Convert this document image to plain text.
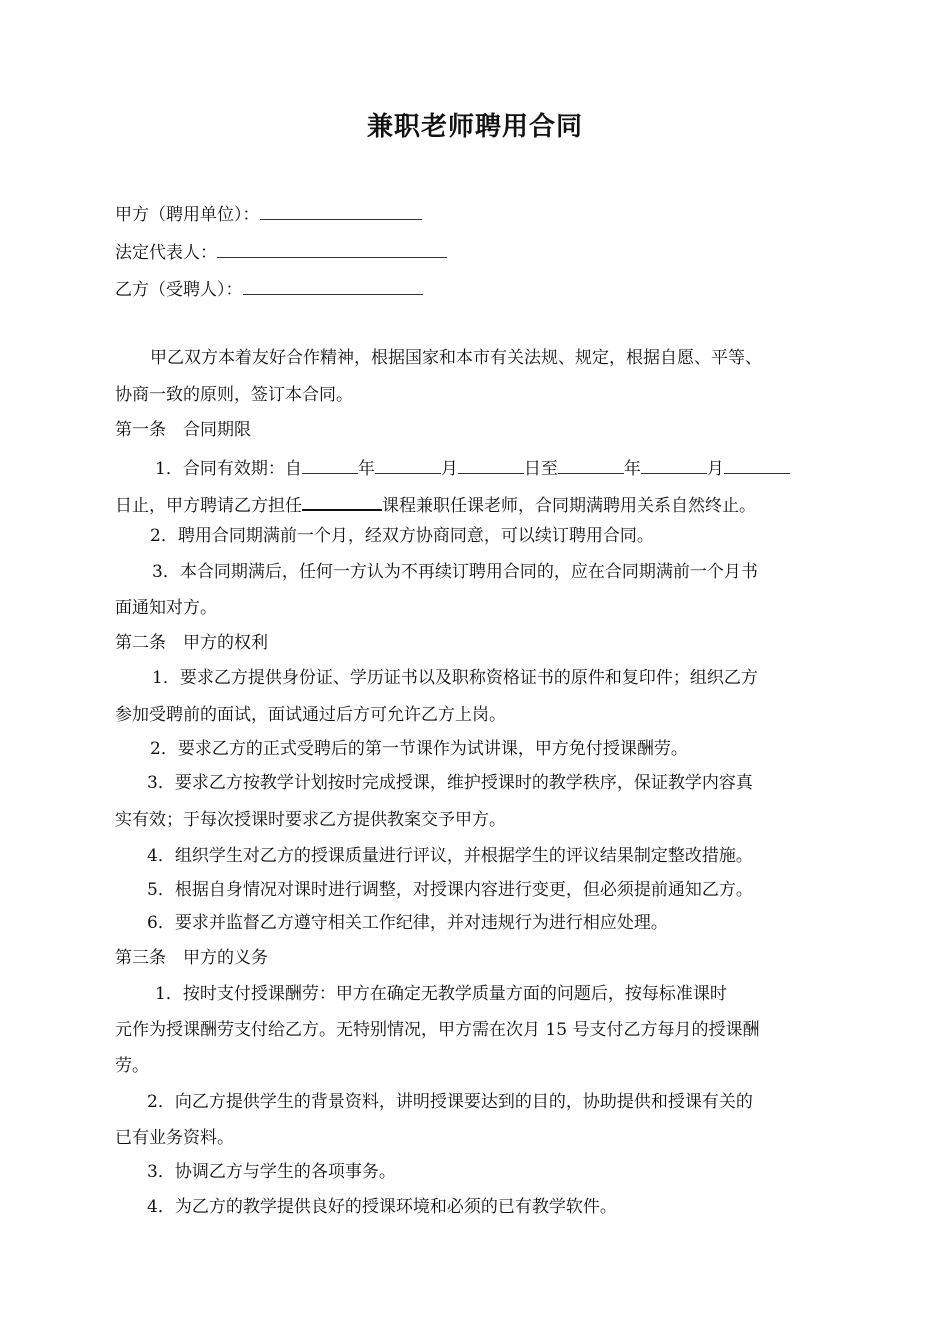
兼职老师聘用合同
甲方（聘用单位）：
法定代表人：
乙方（受聘人）：
甲乙双方本着友好合作精神，根据国家和本市有关法规、规定，根据自愿、平等、
协商一致的原则，签订本合同。
第一条　合同期限
1．合同有效期：自	年	月	日至	年	月
日止，甲方聘请乙方担任	课程兼职任课老师，合同期满聘用关系自然终止。
2．聘用合同期满前一个月，经双方协商同意，可以续订聘用合同。
3．本合同期满后，任何一方认为不再续订聘用合同的，应在合同期满前一个月书
面通知对方。
第二条　甲方的权利
1．要求乙方提供身份证、学历证书以及职称资格证书的原件和复印件；组织乙方
参加受聘前的面试，面试通过后方可允许乙方上岗。
2．要求乙方的正式受聘后的第一节课作为试讲课，甲方免付授课酬劳。
3．要求乙方按教学计划按时完成授课，维护授课时的教学秩序，保证教学内容真
实有效；于每次授课时要求乙方提供教案交予甲方。
4．组织学生对乙方的授课质量进行评议，并根据学生的评议结果制定整改措施。
5．根据自身情况对课时进行调整，对授课内容进行变更，但必须提前通知乙方。
6．要求并监督乙方遵守相关工作纪律，并对违规行为进行相应处理。
第三条　甲方的义务
1．按时支付授课酬劳：甲方在确定无教学质量方面的问题后，按每标准课时
元作为授课酬劳支付给乙方。无特别情况，甲方需在次月 15 号支付乙方每月的授课酬
劳。
2．向乙方提供学生的背景资料，讲明授课要达到的目的，协助提供和授课有关的
已有业务资料。
3．协调乙方与学生的各项事务。
4．为乙方的教学提供良好的授课环境和必须的已有教学软件。
